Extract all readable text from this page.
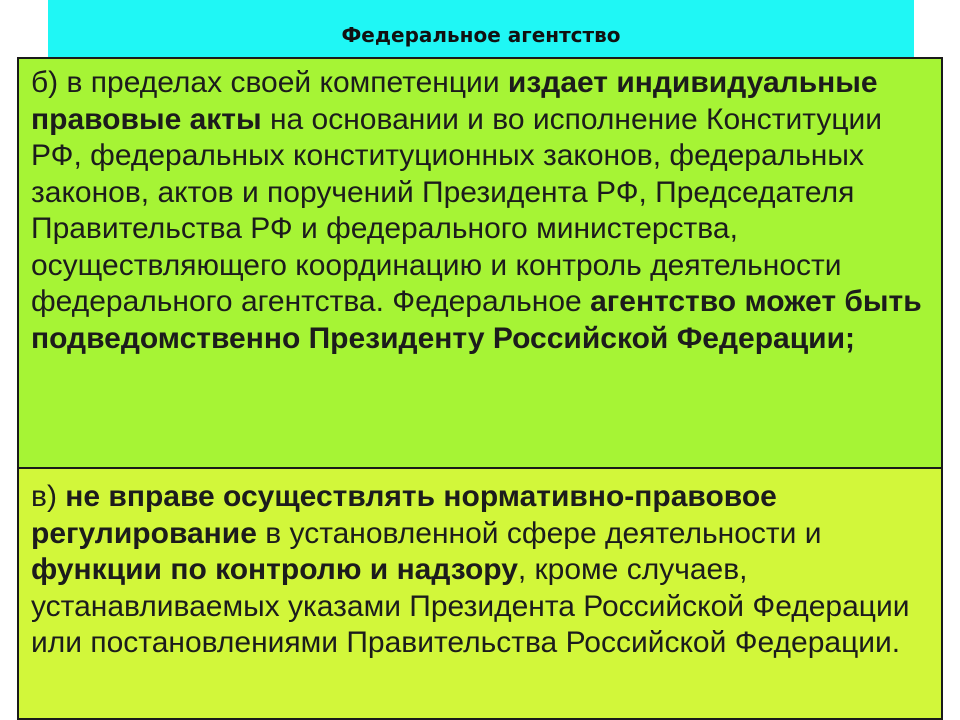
Федеральное агентство

б) в пределах своей компетенции издает индивидуальные правовые акты на основании и во исполнение Конституции РФ, федеральных конституционных законов, федеральных законов, актов и поручений Президента РФ, Председателя Правительства РФ и федерального министерства, осуществляющего координацию и контроль деятельности федерального агентства. Федеральное агентство может быть подведомственно Президенту Российской Федерации;

в) не вправе осуществлять нормативно-правовое регулирование в установленной сфере деятельности и функции по контролю и надзору, кроме случаев, устанавливаемых указами Президента Российской Федерации или постановлениями Правительства Российской Федерации.
